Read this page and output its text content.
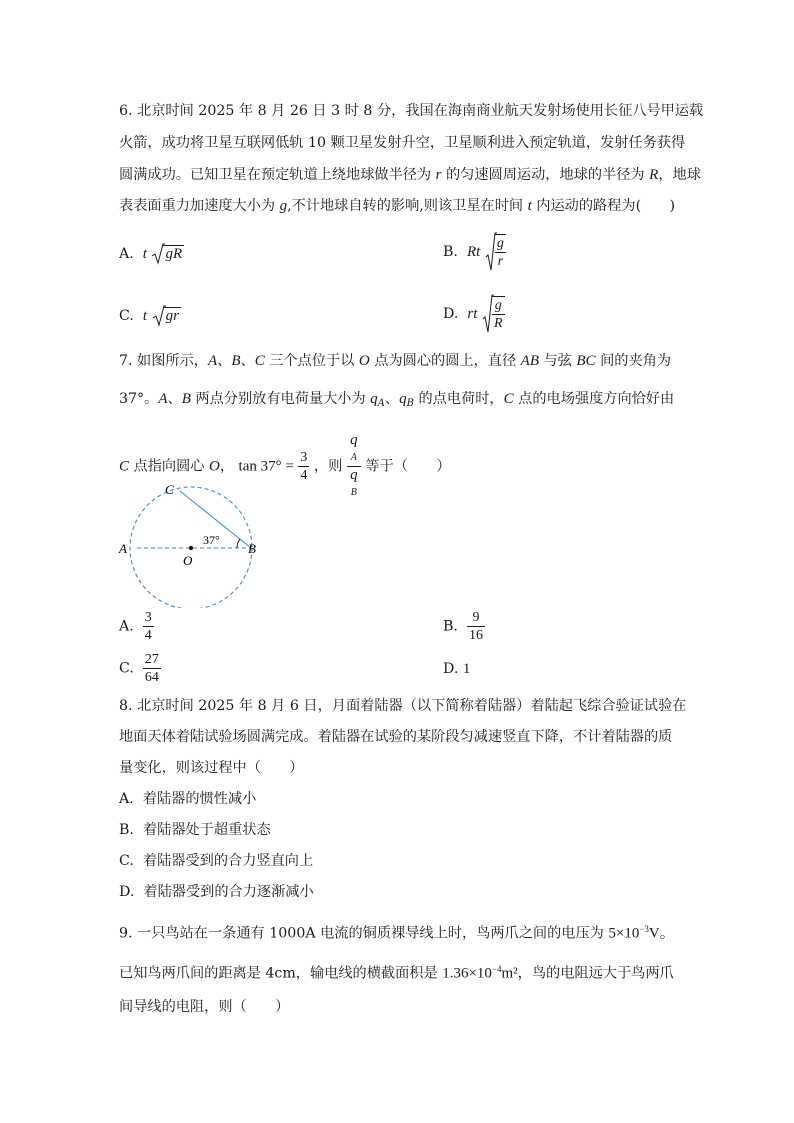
6. 北京时间 2025 年 8 月 26 日 3 时 8 分，我国在海南商业航天发射场使用长征八号甲运载
火箭，成功将卫星互联网低轨 10 颗卫星发射升空，卫星顺利进入预定轨道，发射任务获得
圆满成功。已知卫星在预定轨道上绕地球做半径为 r 的匀速圆周运动，地球的半径为 R，地球
表表面重力加速度大小为 g,不计地球自转的影响,则该卫星在时间 t 内运动的路程为(　　)
A. t gR	B. Rt $\frac{g}{r}$
C. t gr	D. rt $\frac{g}{R}$
7. 如图所示，A、B、C 三个点位于以 O 点为圆心的圆上，直径 AB 与弦 BC 间的夹角为
37°。A、B 两点分别放有电荷量大小为 $q_A$、$q_B$ 的点电荷时，C 点的电场强度方向恰好由
C 点指向圆心 O， $\tan 37^\circ = \frac{3}{4}$ ，则 q
A
q
B 等于（　　）
A	B
C
O
37°
A. $\frac{3}{4}$	B. $\frac{9}{16}$
C. $\frac{27}{64}$	D. 1
8. 北京时间 2025 年 8 月 6 日，月面着陆器（以下简称着陆器）着陆起飞综合验证试验在
地面天体着陆试验场圆满完成。着陆器在试验的某阶段匀减速竖直下降，不计着陆器的质
量变化，则该过程中（　　）
A. 着陆器的惯性减小
B. 着陆器处于超重状态
C. 着陆器受到的合力竖直向上
D. 着陆器受到的合力逐渐减小
9. 一只鸟站在一条通有 1000A 电流的铜质裸导线上时，鸟两爪之间的电压为 $5\times 10^{-3}V$。
已知鸟两爪间的距离是 4cm，输电线的横截面积是 $1.36\times 10^{-4}m^2$，鸟的电阻远大于鸟两爪
间导线的电阻，则（　　）
